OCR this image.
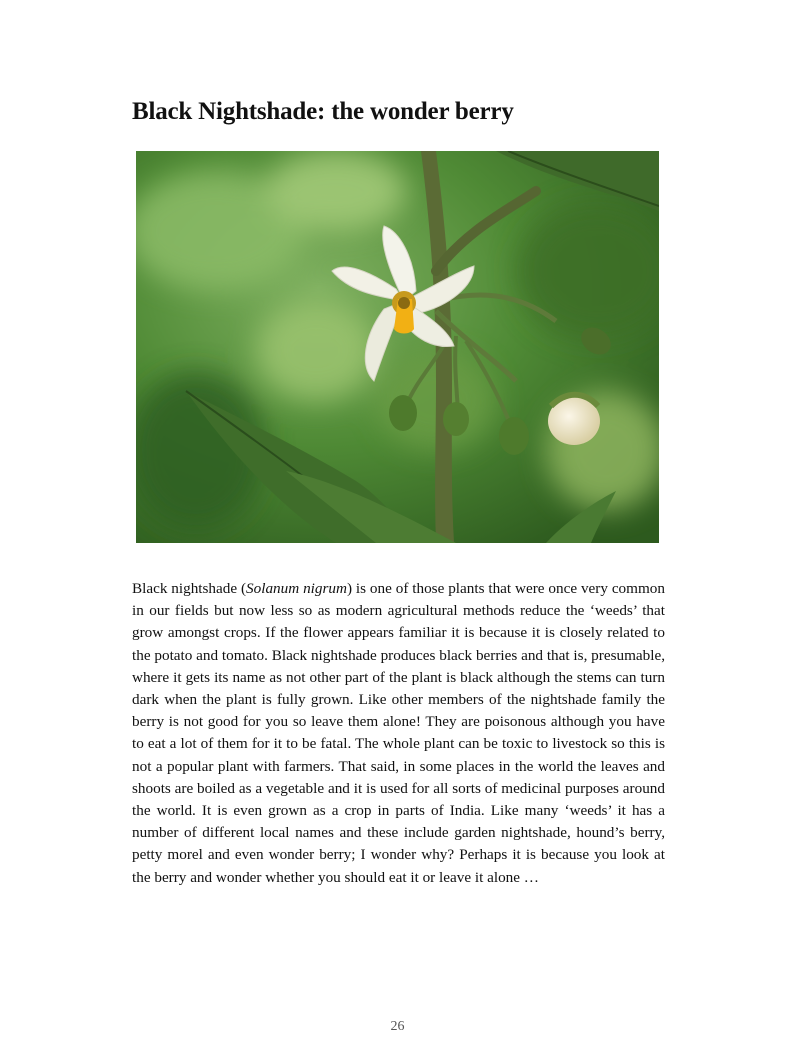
Black Nightshade: the wonder berry

Black nightshade (Solanum nigrum) is one of those plants that were once very common in our fields but now less so as modern agricultural methods reduce the ‘weeds’ that grow amongst crops. If the flower appears familiar it is because it is closely related to the potato and tomato. Black nightshade produces black berries and that is, presumable, where it gets its name as not other part of the plant is black although the stems can turn dark when the plant is fully grown. Like other members of the nightshade family the berry is not good for you so leave them alone! They are poisonous although you have to eat a lot of them for it to be fatal. The whole plant can be toxic to livestock so this is not a popular plant with farmers. That said, in some places in the world the leaves and shoots are boiled as a vegetable and it is used for all sorts of medicinal purposes around the world. It is even grown as a crop in parts of India. Like many ‘weeds’ it has a number of different local names and these include garden nightshade, hound’s berry, petty morel and even wonder berry; I wonder why? Perhaps it is because you look at the berry and wonder whether you should eat it or leave it alone …

26
